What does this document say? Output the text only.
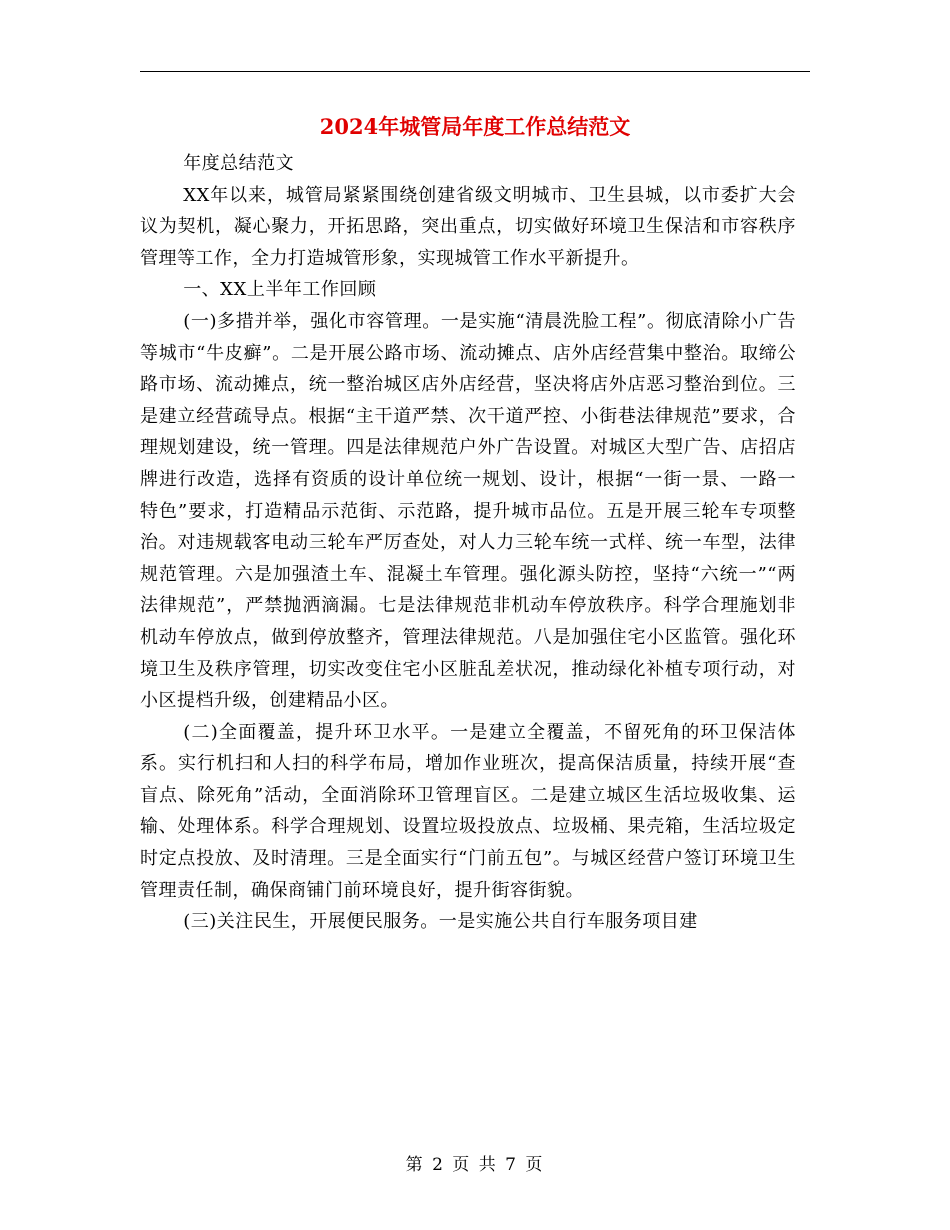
2024年城管局年度工作总结范文

年度总结范文

XX年以来，城管局紧紧围绕创建省级文明城市、卫生县城，以市委扩大会议为契机，凝心聚力，开拓思路，突出重点，切实做好环境卫生保洁和市容秩序管理等工作，全力打造城管形象，实现城管工作水平新提升。

一、XX上半年工作回顾

(一)多措并举，强化市容管理。一是实施“清晨洗脸工程”。彻底清除小广告等城市“牛皮癣”。二是开展公路市场、流动摊点、店外店经营集中整治。取缔公路市场、流动摊点，统一整治城区店外店经营，坚决将店外店恶习整治到位。三是建立经营疏导点。根据“主干道严禁、次干道严控、小街巷法律规范”要求，合理规划建设，统一管理。四是法律规范户外广告设置。对城区大型广告、店招店牌进行改造，选择有资质的设计单位统一规划、设计，根据“一街一景、一路一特色”要求，打造精品示范街、示范路，提升城市品位。五是开展三轮车专项整治。对违规载客电动三轮车严厉查处，对人力三轮车统一式样、统一车型，法律规范管理。六是加强渣土车、混凝土车管理。强化源头防控，坚持“六统一”“两法律规范”，严禁抛洒滴漏。七是法律规范非机动车停放秩序。科学合理施划非机动车停放点，做到停放整齐，管理法律规范。八是加强住宅小区监管。强化环境卫生及秩序管理，切实改变住宅小区脏乱差状况，推动绿化补植专项行动，对小区提档升级，创建精品小区。

(二)全面覆盖，提升环卫水平。一是建立全覆盖，不留死角的环卫保洁体系。实行机扫和人扫的科学布局，增加作业班次，提高保洁质量，持续开展“查盲点、除死角”活动，全面消除环卫管理盲区。二是建立城区生活垃圾收集、运输、处理体系。科学合理规划、设置垃圾投放点、垃圾桶、果壳箱，生活垃圾定时定点投放、及时清理。三是全面实行“门前五包”。与城区经营户签订环境卫生管理责任制，确保商铺门前环境良好，提升街容街貌。

(三)关注民生，开展便民服务。一是实施公共自行车服务项目建

第 2 页 共 7 页
